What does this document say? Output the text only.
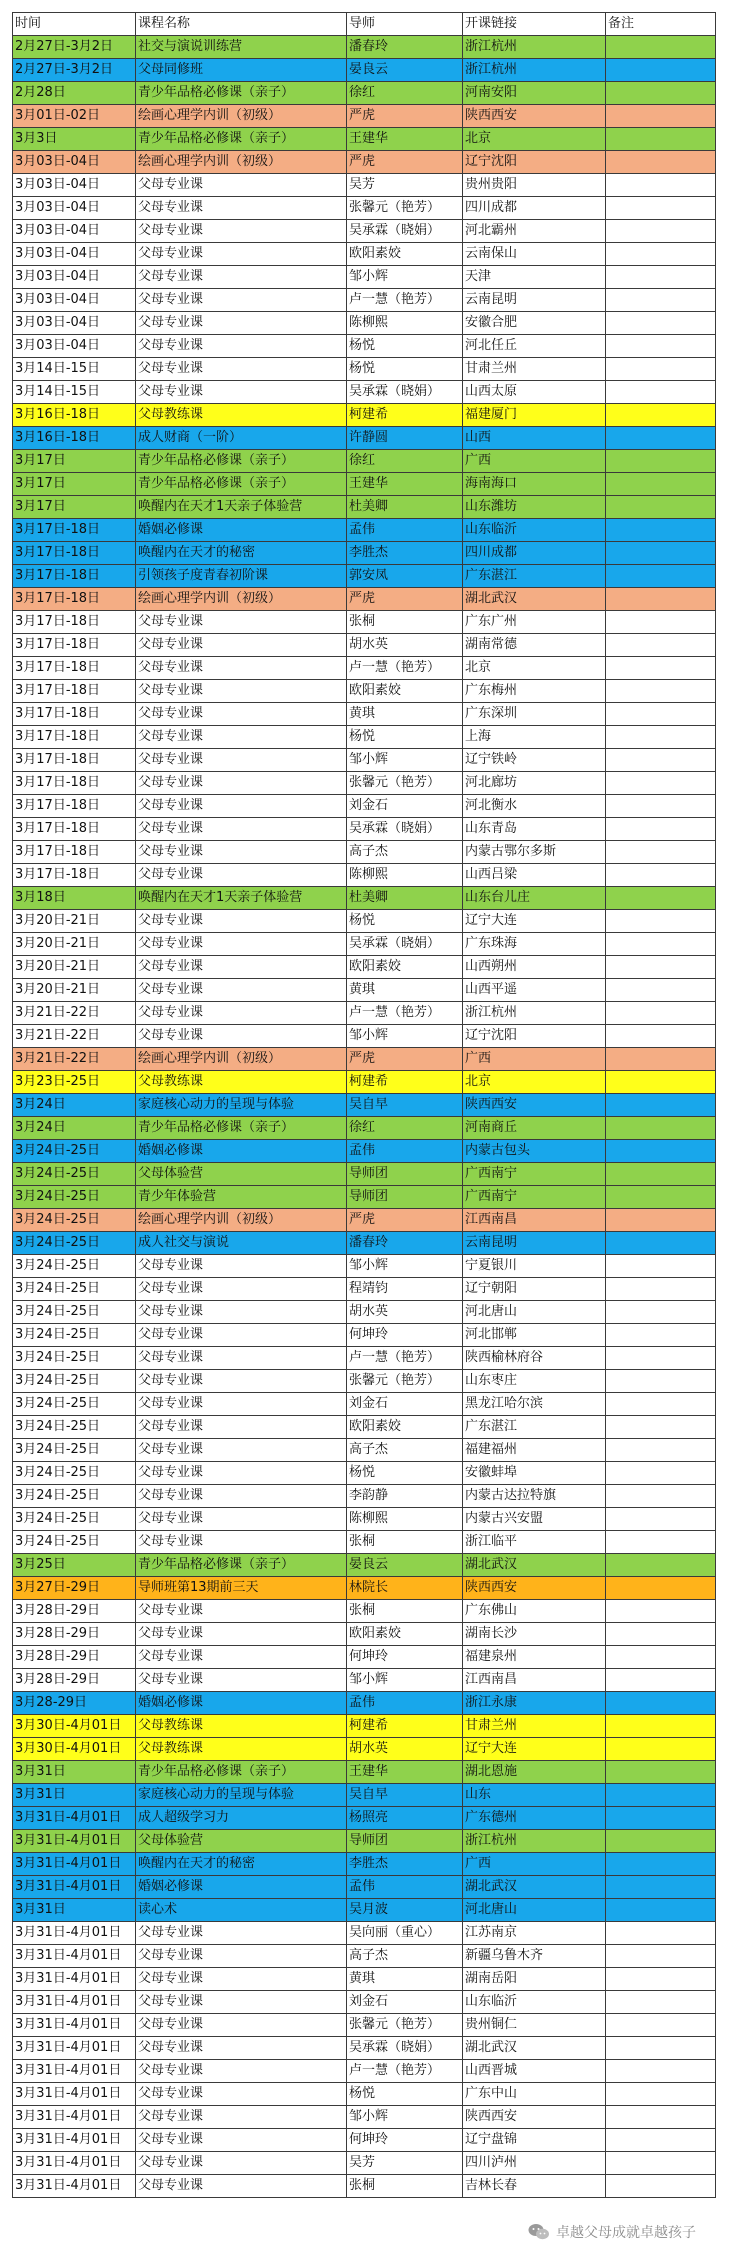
时间	课程名称	导师	开课链接	备注
2月27日-3月2日	社交与演说训练营	潘春玲	浙江杭州	
2月27日-3月2日	父母同修班	晏良云	浙江杭州	
2月28日	青少年品格必修课（亲子）	徐红	河南安阳	
3月01日-02日	绘画心理学内训（初级）	严虎	陕西西安	
3月3日	青少年品格必修课（亲子）	王建华	北京	
3月03日-04日	绘画心理学内训（初级）	严虎	辽宁沈阳	
3月03日-04日	父母专业课	吴芳	贵州贵阳	
3月03日-04日	父母专业课	张馨元（艳芳）	四川成都	
3月03日-04日	父母专业课	吴承霖（晓娟）	河北霸州	
3月03日-04日	父母专业课	欧阳素姣	云南保山	
3月03日-04日	父母专业课	邹小辉	天津	
3月03日-04日	父母专业课	卢一慧（艳芳）	云南昆明	
3月03日-04日	父母专业课	陈柳熙	安徽合肥	
3月03日-04日	父母专业课	杨悦	河北任丘	
3月14日-15日	父母专业课	杨悦	甘肃兰州	
3月14日-15日	父母专业课	吴承霖（晓娟）	山西太原	
3月16日-18日	父母教练课	柯建希	福建厦门	
3月16日-18日	成人财商（一阶）	许静圆	山西	
3月17日	青少年品格必修课（亲子）	徐红	广西	
3月17日	青少年品格必修课（亲子）	王建华	海南海口	
3月17日	唤醒内在天才1天亲子体验营	杜美卿	山东潍坊	
3月17日-18日	婚姻必修课	孟伟	山东临沂	
3月17日-18日	唤醒内在天才的秘密	李胜杰	四川成都	
3月17日-18日	引领孩子度青春初阶课	郭安凤	广东湛江	
3月17日-18日	绘画心理学内训（初级）	严虎	湖北武汉	
3月17日-18日	父母专业课	张桐	广东广州	
3月17日-18日	父母专业课	胡水英	湖南常德	
3月17日-18日	父母专业课	卢一慧（艳芳）	北京	
3月17日-18日	父母专业课	欧阳素姣	广东梅州	
3月17日-18日	父母专业课	黄琪	广东深圳	
3月17日-18日	父母专业课	杨悦	上海	
3月17日-18日	父母专业课	邹小辉	辽宁铁岭	
3月17日-18日	父母专业课	张馨元（艳芳）	河北廊坊	
3月17日-18日	父母专业课	刘金石	河北衡水	
3月17日-18日	父母专业课	吴承霖（晓娟）	山东青岛	
3月17日-18日	父母专业课	高子杰	内蒙古鄂尔多斯	
3月17日-18日	父母专业课	陈柳熙	山西吕梁	
3月18日	唤醒内在天才1天亲子体验营	杜美卿	山东台儿庄	
3月20日-21日	父母专业课	杨悦	辽宁大连	
3月20日-21日	父母专业课	吴承霖（晓娟）	广东珠海	
3月20日-21日	父母专业课	欧阳素姣	山西朔州	
3月20日-21日	父母专业课	黄琪	山西平遥	
3月21日-22日	父母专业课	卢一慧（艳芳）	浙江杭州	
3月21日-22日	父母专业课	邹小辉	辽宁沈阳	
3月21日-22日	绘画心理学内训（初级）	严虎	广西	
3月23日-25日	父母教练课	柯建希	北京	
3月24日	家庭核心动力的呈现与体验	吴自早	陕西西安	
3月24日	青少年品格必修课（亲子）	徐红	河南商丘	
3月24日-25日	婚姻必修课	孟伟	内蒙古包头	
3月24日-25日	父母体验营	导师团	广西南宁	
3月24日-25日	青少年体验营	导师团	广西南宁	
3月24日-25日	绘画心理学内训（初级）	严虎	江西南昌	
3月24日-25日	成人社交与演说	潘春玲	云南昆明	
3月24日-25日	父母专业课	邹小辉	宁夏银川	
3月24日-25日	父母专业课	程靖钧	辽宁朝阳	
3月24日-25日	父母专业课	胡水英	河北唐山	
3月24日-25日	父母专业课	何坤玲	河北邯郸	
3月24日-25日	父母专业课	卢一慧（艳芳）	陕西榆林府谷	
3月24日-25日	父母专业课	张馨元（艳芳）	山东枣庄	
3月24日-25日	父母专业课	刘金石	黑龙江哈尔滨	
3月24日-25日	父母专业课	欧阳素姣	广东湛江	
3月24日-25日	父母专业课	高子杰	福建福州	
3月24日-25日	父母专业课	杨悦	安徽蚌埠	
3月24日-25日	父母专业课	李韵静	内蒙古达拉特旗	
3月24日-25日	父母专业课	陈柳熙	内蒙古兴安盟	
3月24日-25日	父母专业课	张桐	浙江临平	
3月25日	青少年品格必修课（亲子）	晏良云	湖北武汉	
3月27日-29日	导师班第13期前三天	林院长	陕西西安	
3月28日-29日	父母专业课	张桐	广东佛山	
3月28日-29日	父母专业课	欧阳素姣	湖南长沙	
3月28日-29日	父母专业课	何坤玲	福建泉州	
3月28日-29日	父母专业课	邹小辉	江西南昌	
3月28-29日	婚姻必修课	孟伟	浙江永康	
3月30日-4月01日	父母教练课	柯建希	甘肃兰州	
3月30日-4月01日	父母教练课	胡水英	辽宁大连	
3月31日	青少年品格必修课（亲子）	王建华	湖北恩施	
3月31日	家庭核心动力的呈现与体验	吴自早	山东	
3月31日-4月01日	成人超级学习力	杨照亮	广东德州	
3月31日-4月01日	父母体验营	导师团	浙江杭州	
3月31日-4月01日	唤醒内在天才的秘密	李胜杰	广西	
3月31日-4月01日	婚姻必修课	孟伟	湖北武汉	
3月31日	读心术	吴月波	河北唐山	
3月31日-4月01日	父母专业课	吴向丽（重心）	江苏南京	
3月31日-4月01日	父母专业课	高子杰	新疆乌鲁木齐	
3月31日-4月01日	父母专业课	黄琪	湖南岳阳	
3月31日-4月01日	父母专业课	刘金石	山东临沂	
3月31日-4月01日	父母专业课	张馨元（艳芳）	贵州铜仁	
3月31日-4月01日	父母专业课	吴承霖（晓娟）	湖北武汉	
3月31日-4月01日	父母专业课	卢一慧（艳芳）	山西晋城	
3月31日-4月01日	父母专业课	杨悦	广东中山	
3月31日-4月01日	父母专业课	邹小辉	陕西西安	
3月31日-4月01日	父母专业课	何坤玲	辽宁盘锦	
3月31日-4月01日	父母专业课	吴芳	四川泸州	
3月31日-4月01日	父母专业课	张桐	吉林长春	
卓越父母成就卓越孩子
